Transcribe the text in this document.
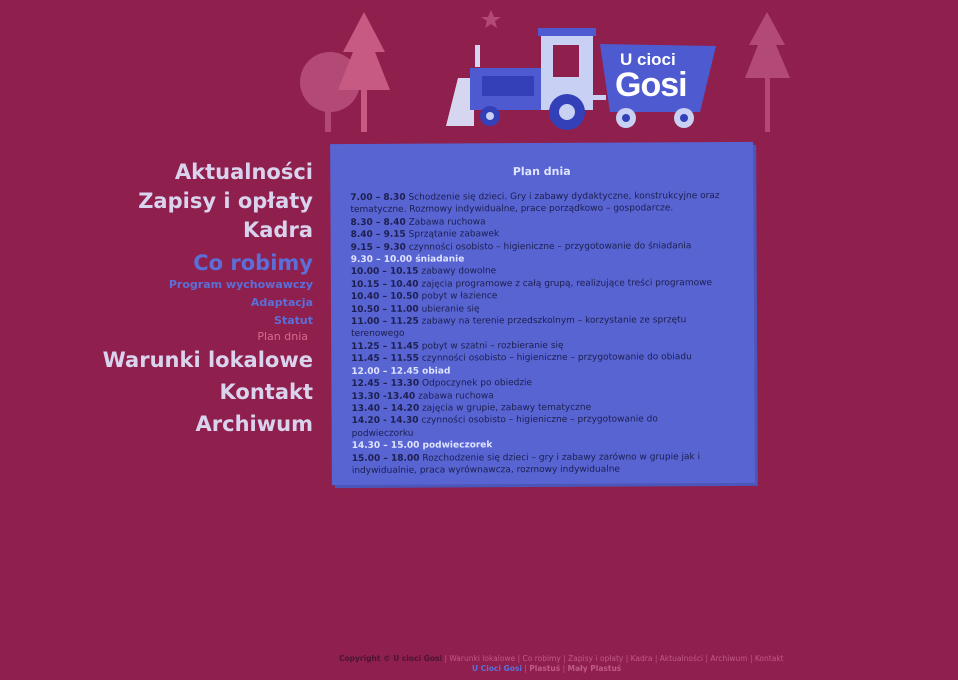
U cioci
Gosi
Aktualności
Zapisy i opłaty
Kadra
Co robimy
Program wychowawczy
Adaptacja
Statut
Plan dnia
Warunki lokalowe
Kontakt
Archiwum
Plan dnia
7.00 – 8.30 Schodzenie się dzieci. Gry i zabawy dydaktyczne, konstrukcyjne oraz tematyczne. Rozmowy indywidualne, prace porządkowo – gospodarcze.
8.30 – 8.40 Zabawa ruchowa
8.40 – 9.15 Sprzątanie zabawek
9.15 – 9.30 czynności osobisto – higieniczne – przygotowanie do śniadania
9.30 – 10.00 śniadanie
10.00 – 10.15 zabawy dowolne
10.15 – 10.40 zajęcia programowe z całą grupą, realizujące treści programowe
10.40 – 10.50 pobyt w łazience
10.50 – 11.00 ubieranie się
11.00 – 11.25 zabawy na terenie przedszkolnym – korzystanie ze sprzętu terenowego
11.25 – 11.45 pobyt w szatni – rozbieranie się
11.45 – 11.55 czynności osobisto – higieniczne – przygotowanie do obiadu
12.00 – 12.45 obiad
12.45 – 13.30 Odpoczynek po obiedzie
13.30 -13.40 zabawa ruchowa
13.40 – 14.20 zajęcia w grupie, zabawy tematyczne
14.20 - 14.30 czynności osobisto – higieniczne – przygotowanie do podwieczorku
14.30 – 15.00 podwieczorek
15.00 – 18.00 Rozchodzenie się dzieci – gry i zabawy zarówno w grupie jak i indywidualnie, praca wyrównawcza, rozmowy indywidualne
Copyright © U cioci Gosi | Warunki lokalowe | Co robimy | Zapisy i opłaty | Kadra | Aktualności | Archiwum | Kontakt
U Cioci Gosi | Plastuś | Mały Plastuś
